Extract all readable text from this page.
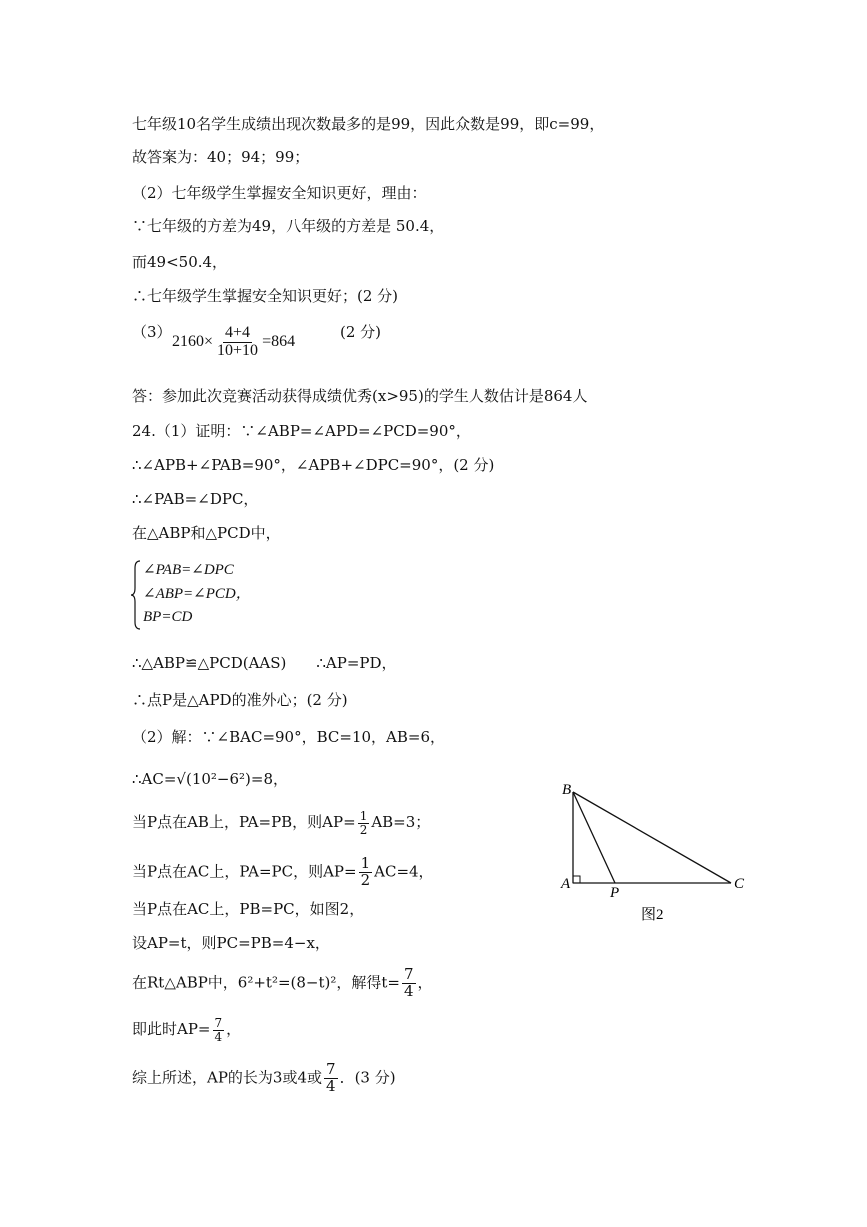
七年级10名学生成绩出现次数最多的是99，因此众数是99，即c=99，
故答案为：40；94；99；
（2）七年级学生掌握安全知识更好，理由：
∵七年级的方差为49，八年级的方差是 50.4，
而49<50.4，
∴七年级学生掌握安全知识更好；(2 分)
（3）
$2160\times \frac{4+4}{10+10} =864$
(2 分)
答：参加此次竞赛活动获得成绩优秀(x>95)的学生人数估计是864人
24.（1）证明：∵∠ABP=∠APD=∠PCD=90°，
∴∠APB+∠PAB=90°，∠APB+∠DPC=90°，(2 分)
∴∠PAB=∠DPC，
在△ABP和△PCD中，
∠PAB=∠DPC
∠ABP=∠PCD，
BP=CD
∴△ABP≌△PCD(AAS)　　∴AP=PD，
∴点P是△APD的准外心；(2 分)
（2）解：∵∠BAC=90°，BC=10，AB=6，
∴AC=√(10²−6²)=8，
当P点在AB上，PA=PB，则$AP= \frac{1}{2} AB=3$；
当P点在AC上，PA=PC，则$AP= \frac{1}{2} AC=4$，
当P点在AC上，PB=PC，如图2，
设AP=t，则PC=PB=4−x，
在Rt△ABP中，6²+t²=(8−t)²，解得$t= \frac{7}{4}$ ，
即此时$AP= \frac{7}{4}$ ，
综上所述，AP的长为3或4或 $\frac{7}{4}$ ．(3 分)
B
A
P
C
图2
